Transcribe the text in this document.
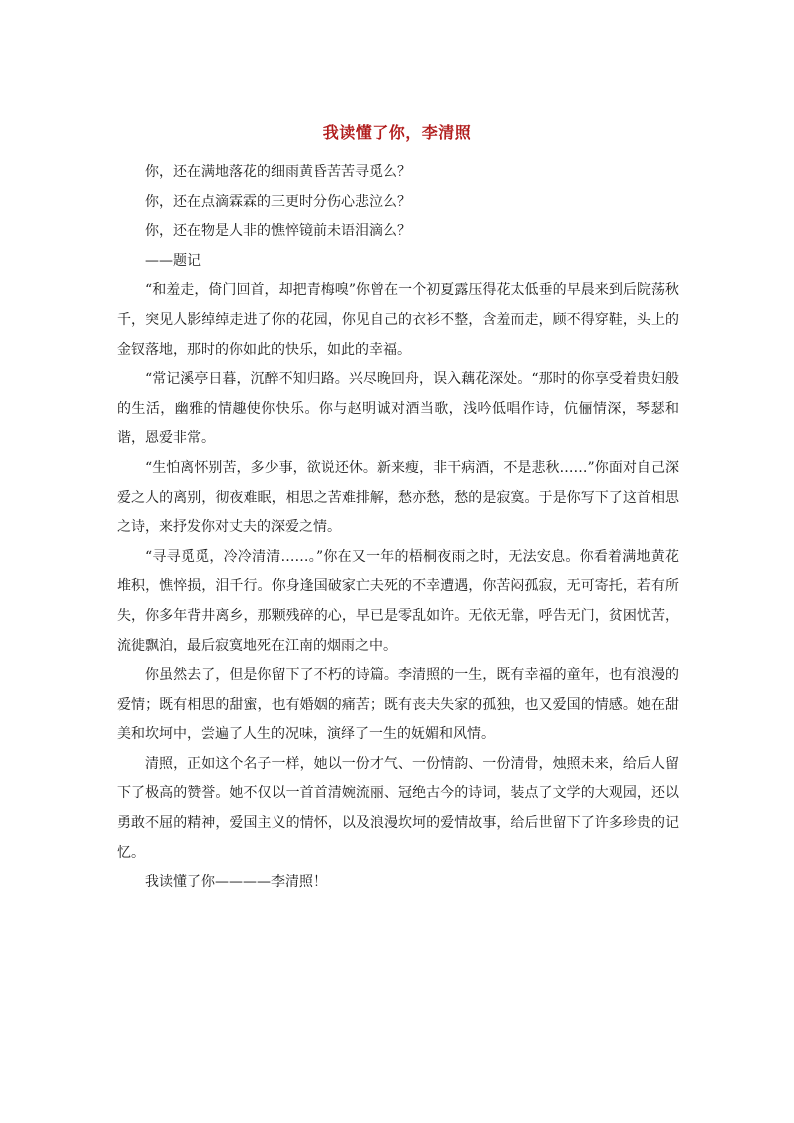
我读懂了你，李清照

你，还在满地落花的细雨黄昏苦苦寻觅么？

你，还在点滴霖霖的三更时分伤心悲泣么？

你，还在物是人非的憔悴镜前未语泪滴么？

——题记

“和羞走，倚门回首，却把青梅嗅”你曾在一个初夏露压得花太低垂的早晨来到后院荡秋千，突见人影绰绰走进了你的花园，你见自己的衣衫不整，含羞而走，顾不得穿鞋，头上的金钗落地，那时的你如此的快乐，如此的幸福。

“常记溪亭日暮，沉醉不知归路。兴尽晚回舟，误入藕花深处。“那时的你享受着贵妇般的生活，幽雅的情趣使你快乐。你与赵明诚对酒当歌，浅吟低唱作诗，伉俪情深，琴瑟和谐，恩爱非常。

“生怕离怀别苦，多少事，欲说还休。新来瘦，非干病酒，不是悲秋……”你面对自己深爱之人的离别，彻夜难眠，相思之苦难排解，愁亦愁，愁的是寂寞。于是你写下了这首相思之诗，来抒发你对丈夫的深爱之情。

“寻寻觅觅，冷冷清清……。”你在又一年的梧桐夜雨之时，无法安息。你看着满地黄花堆积，憔悴损，泪千行。你身逢国破家亡夫死的不幸遭遇，你苦闷孤寂，无可寄托，若有所失，你多年背井离乡，那颗残碎的心，早已是零乱如许。无依无靠，呼告无门，贫困忧苦，流徙飘泊，最后寂寞地死在江南的烟雨之中。

你虽然去了，但是你留下了不朽的诗篇。李清照的一生，既有幸福的童年，也有浪漫的爱情；既有相思的甜蜜，也有婚姻的痛苦；既有丧夫失家的孤独，也又爱国的情感。她在甜美和坎坷中，尝遍了人生的况味，演绎了一生的妩媚和风情。

清照，正如这个名子一样，她以一份才气、一份情韵、一份清骨，烛照未来，给后人留下了极高的赞誉。她不仅以一首首清婉流丽、冠绝古今的诗词，装点了文学的大观园，还以勇敢不屈的精神，爱国主义的情怀，以及浪漫坎坷的爱情故事，给后世留下了许多珍贵的记忆。

我读懂了你————李清照！
